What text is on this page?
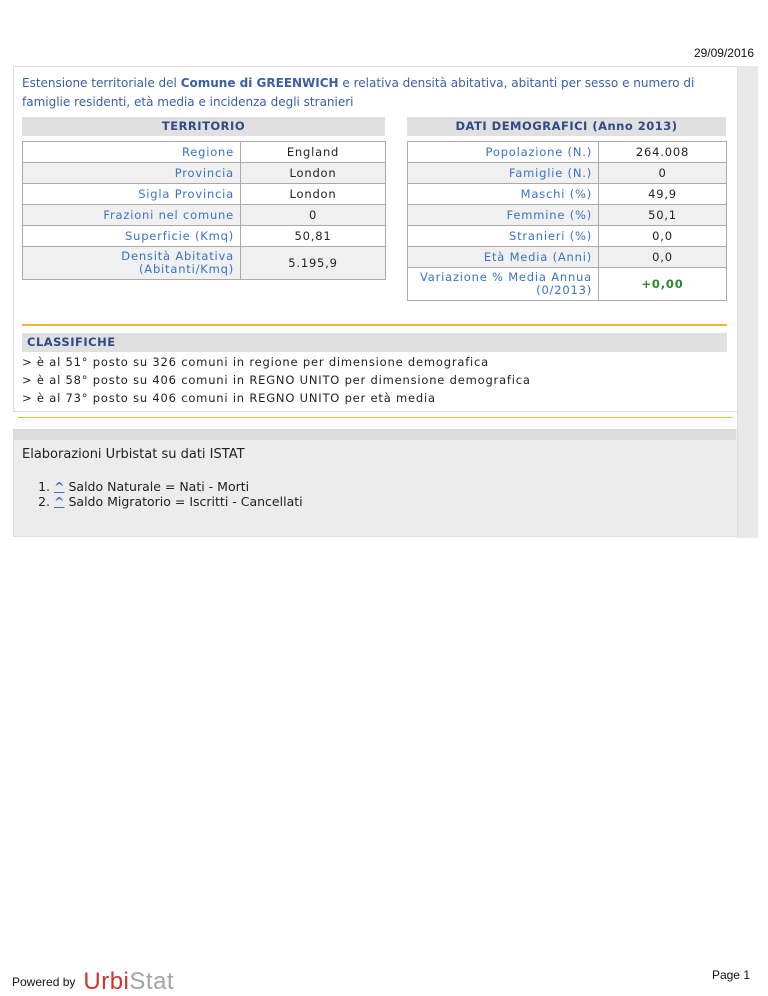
29/09/2016
Estensione territoriale del Comune di GREENWICH e relativa densità abitativa, abitanti per sesso e numero di famiglie residenti, età media e incidenza degli stranieri
TERRITORIO	DATI DEMOGRAFICI (Anno 2013)
Regione	England
Provincia	London
Sigla Provincia	London
Frazioni nel comune	0
Superficie (Kmq)	50,81
Densità Abitativa (Abitanti/Kmq)	5.195,9
Popolazione (N.)	264.008
Famiglie (N.)	0
Maschi (%)	49,9
Femmine (%)	50,1
Stranieri (%)	0,0
Età Media (Anni)	0,0
Variazione % Media Annua (0/2013)	+0,00
CLASSIFICHE
> è al 51° posto su 326 comuni in regione per dimensione demografica
> è al 58° posto su 406 comuni in REGNO UNITO per dimensione demografica
> è al 73° posto su 406 comuni in REGNO UNITO per età media
Elaborazioni Urbistat su dati ISTAT
1. ^ Saldo Naturale = Nati - Morti
2. ^ Saldo Migratorio = Iscritti - Cancellati
Powered by UrbiStat	Page 1
